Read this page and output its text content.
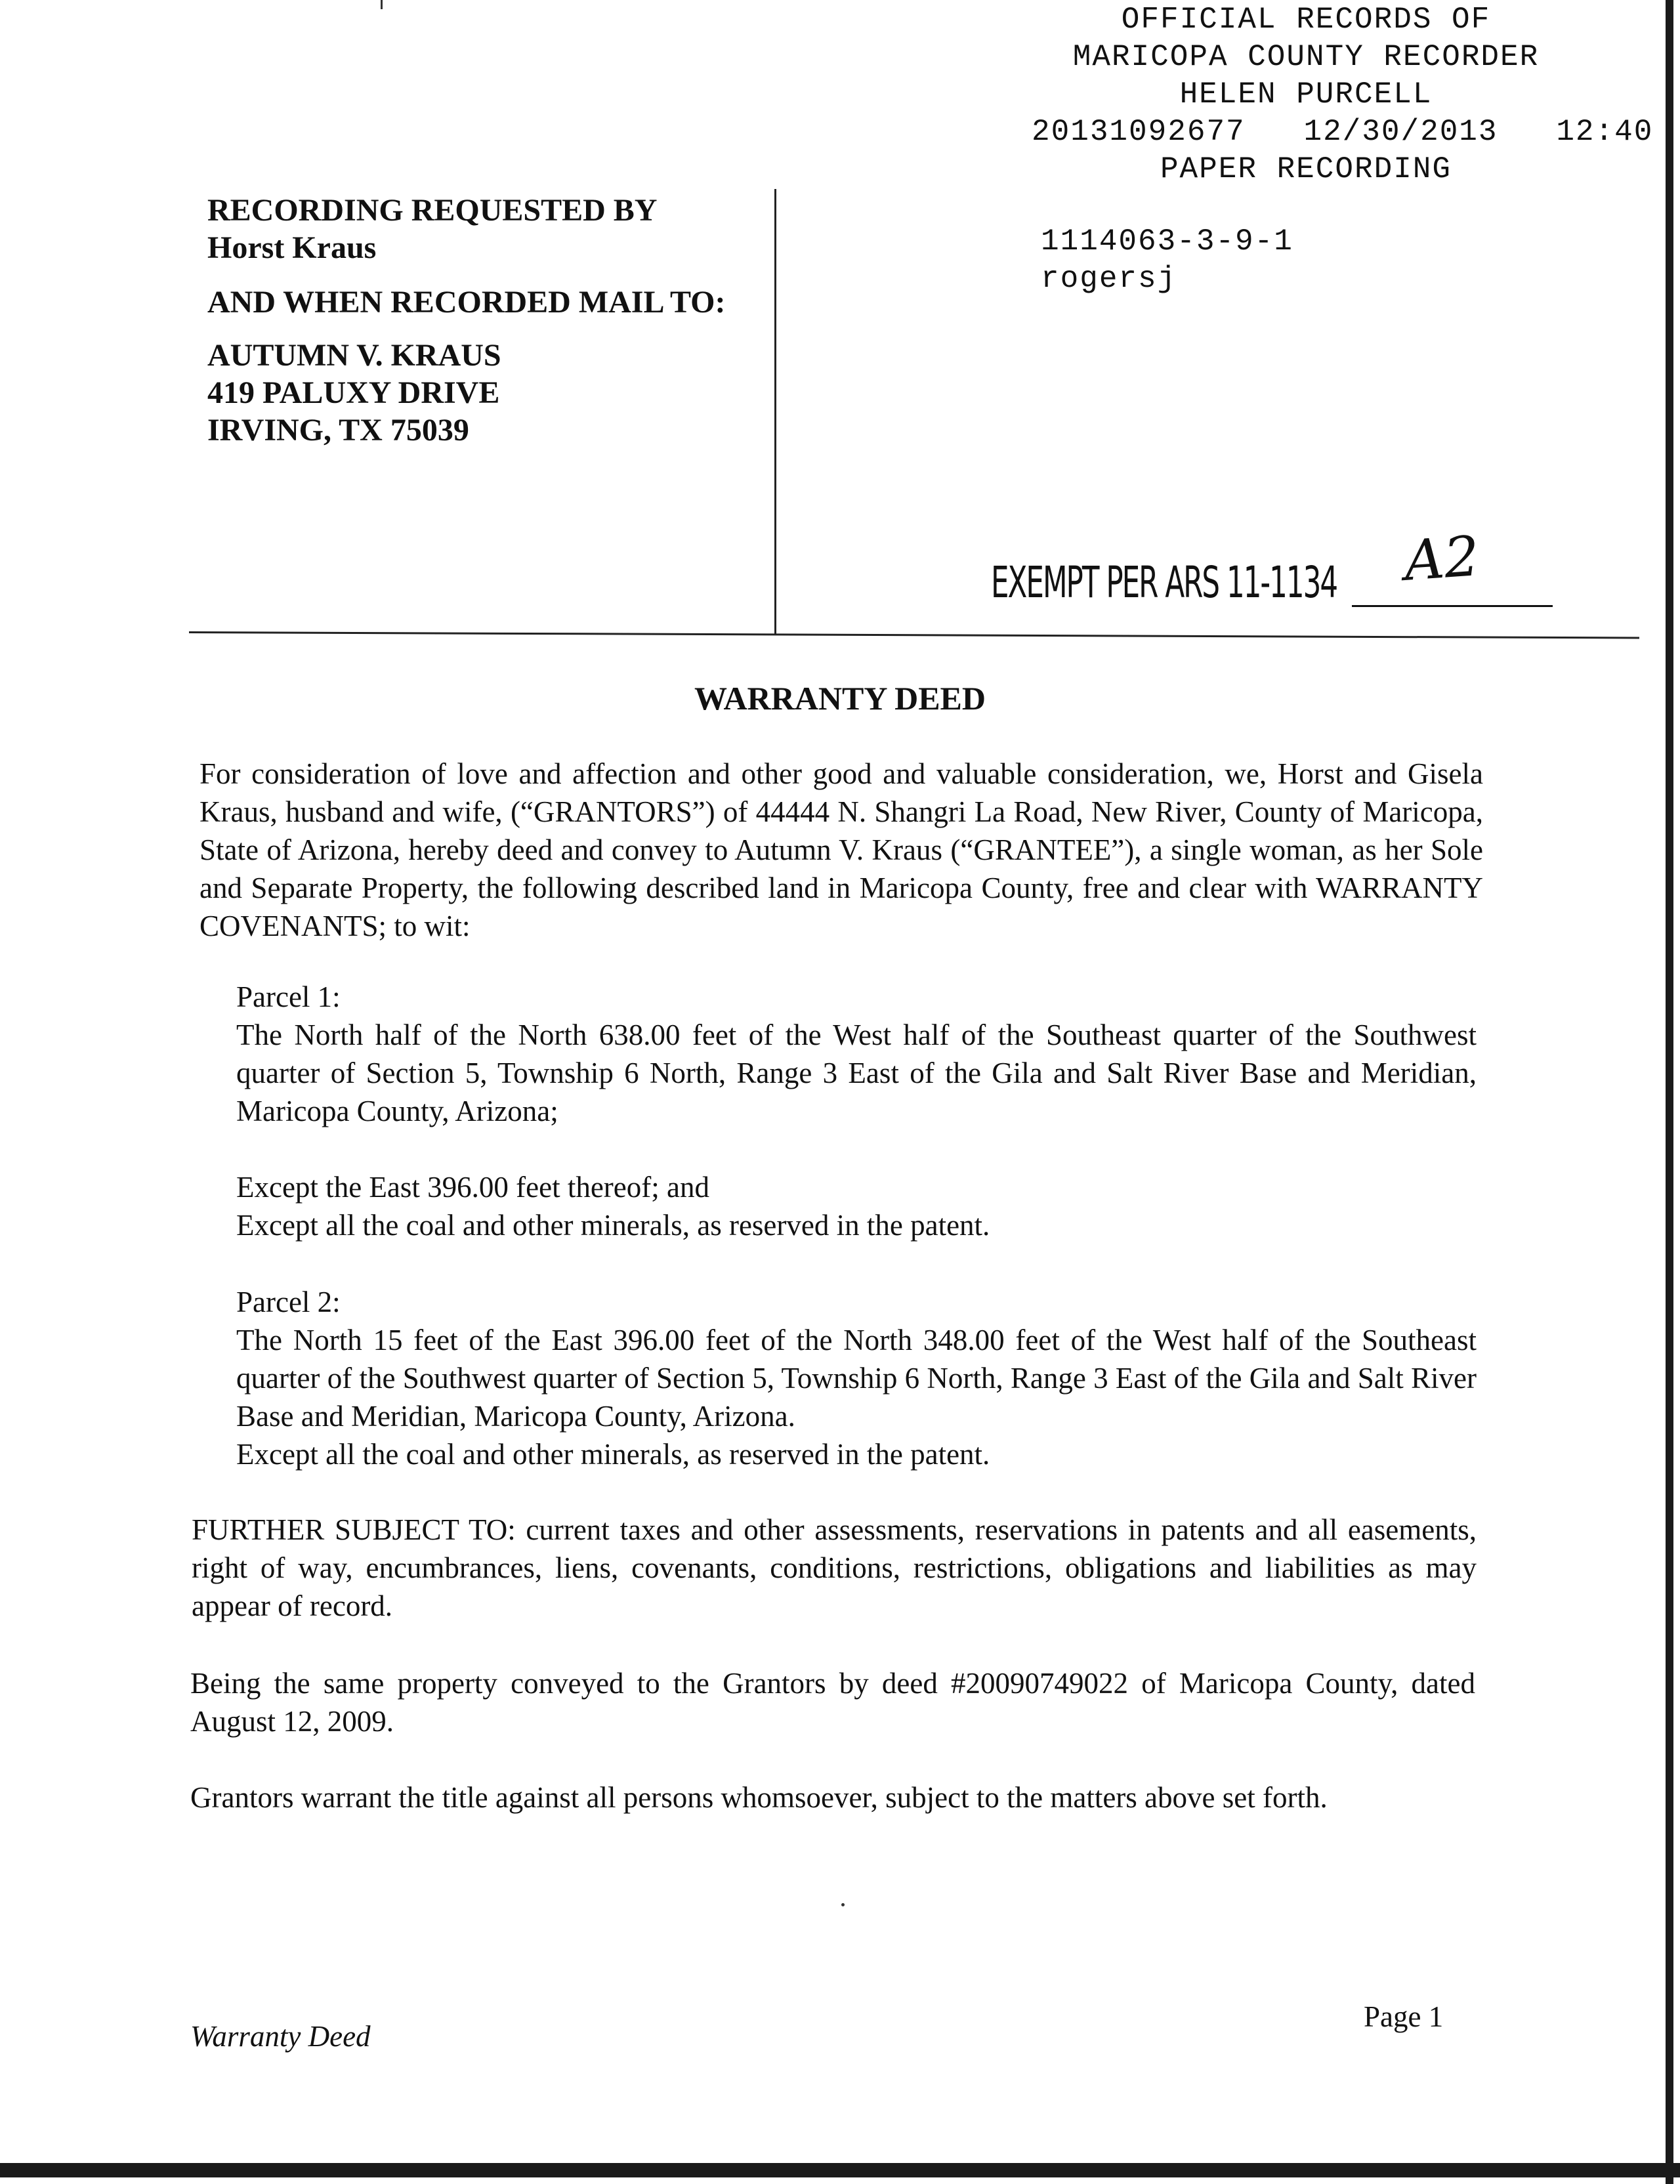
OFFICIAL RECORDS OF
MARICOPA COUNTY RECORDER
HELEN PURCELL
20131092677   12/30/2013   12:40
PAPER RECORDING
1114063-3-9-1
rogersj
RECORDING REQUESTED BY
Horst Kraus
AND WHEN RECORDED MAIL TO:
AUTUMN V. KRAUS
419 PALUXY DRIVE
IRVING, TX 75039
EXEMPT PER ARS 11-1134 A2
WARRANTY DEED

For consideration of love and affection and other good and valuable consideration, we, Horst and Gisela Kraus, husband and wife, (“GRANTORS”) of 44444 N. Shangri La Road, New River, County of Maricopa, State of Arizona, hereby deed and convey to Autumn V. Kraus (“GRANTEE”), a single woman, as her Sole and Separate Property, the following described land in Maricopa County, free and clear with WARRANTY COVENANTS; to wit:

Parcel 1:

The North half of the North 638.00 feet of the West half of the Southeast quarter of the Southwest quarter of Section 5, Township 6 North, Range 3 East of the Gila and Salt River Base and Meridian, Maricopa County, Arizona;

Except the East 396.00 feet thereof; and

Except all the coal and other minerals, as reserved in the patent.

Parcel 2:

The North 15 feet of the East 396.00 feet of the North 348.00 feet of the West half of the Southeast quarter of the Southwest quarter of Section 5, Township 6 North, Range 3 East of the Gila and Salt River Base and Meridian, Maricopa County, Arizona.

Except all the coal and other minerals, as reserved in the patent.

FURTHER SUBJECT TO: current taxes and other assessments, reservations in patents and all easements, right of way, encumbrances, liens, covenants, conditions, restrictions, obligations and liabilities as may appear of record.

Being the same property conveyed to the Grantors by deed #20090749022 of Maricopa County, dated August 12, 2009.

Grantors warrant the title against all persons whomsoever, subject to the matters above set forth.

Warranty Deed
Page 1
